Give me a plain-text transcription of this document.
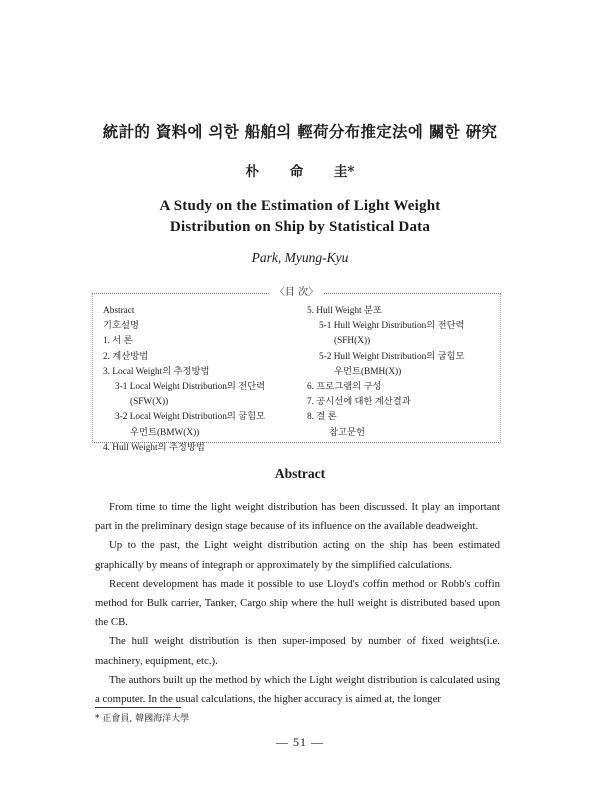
統計的 資料에 의한 船舶의 輕荷分布推定法에 關한 硏究
朴 命 圭*
A Study on the Estimation of Light Weight
Distribution on Ship by Statistical Data
Park, Myung-Kyu
〈目 次〉
Abstract
기호설명
1. 서 론
2. 계산방법
3. Local Weight의 추정방법
3-1 Local Weight Distribution의 전단력
(SFW(X))
3-2 Local Weight Distribution의 굽힘모
우먼트(BMW(X))
4. Hull Weight의 추정방법
5. Hull Weight 분포
5-1 Hull Weight Distribution의 전단력
(SFH(X))
5-2 Hull Weight Distribution의 굽힘모
우먼트(BMH(X))
6. 프로그램의 구성
7. 공시선에 대한 계산결과
8. 결 론
참고문헌
Abstract

From time to time the light weight distribution has been discussed. It play an important part in the preliminary design stage because of its influence on the available deadweight.

Up to the past, the Light weight distribution acting on the ship has been estimated graphically by means of integraph or approximately by the simplified calculations.

Recent development has made it possible to use Lloyd's coffin method or Robb's coffin method for Bulk carrier, Tanker, Cargo ship where the hull weight is distributed based upon the CB.

The hull weight distribution is then super-imposed by number of fixed weights(i.e. machinery, equipment, etc.).

The authors built up the method by which the Light weight distribution is calculated using a computer. In the usual calculations, the higher accuracy is aimed at, the longer

* 正會員, 韓國海洋大學
— 51 —
